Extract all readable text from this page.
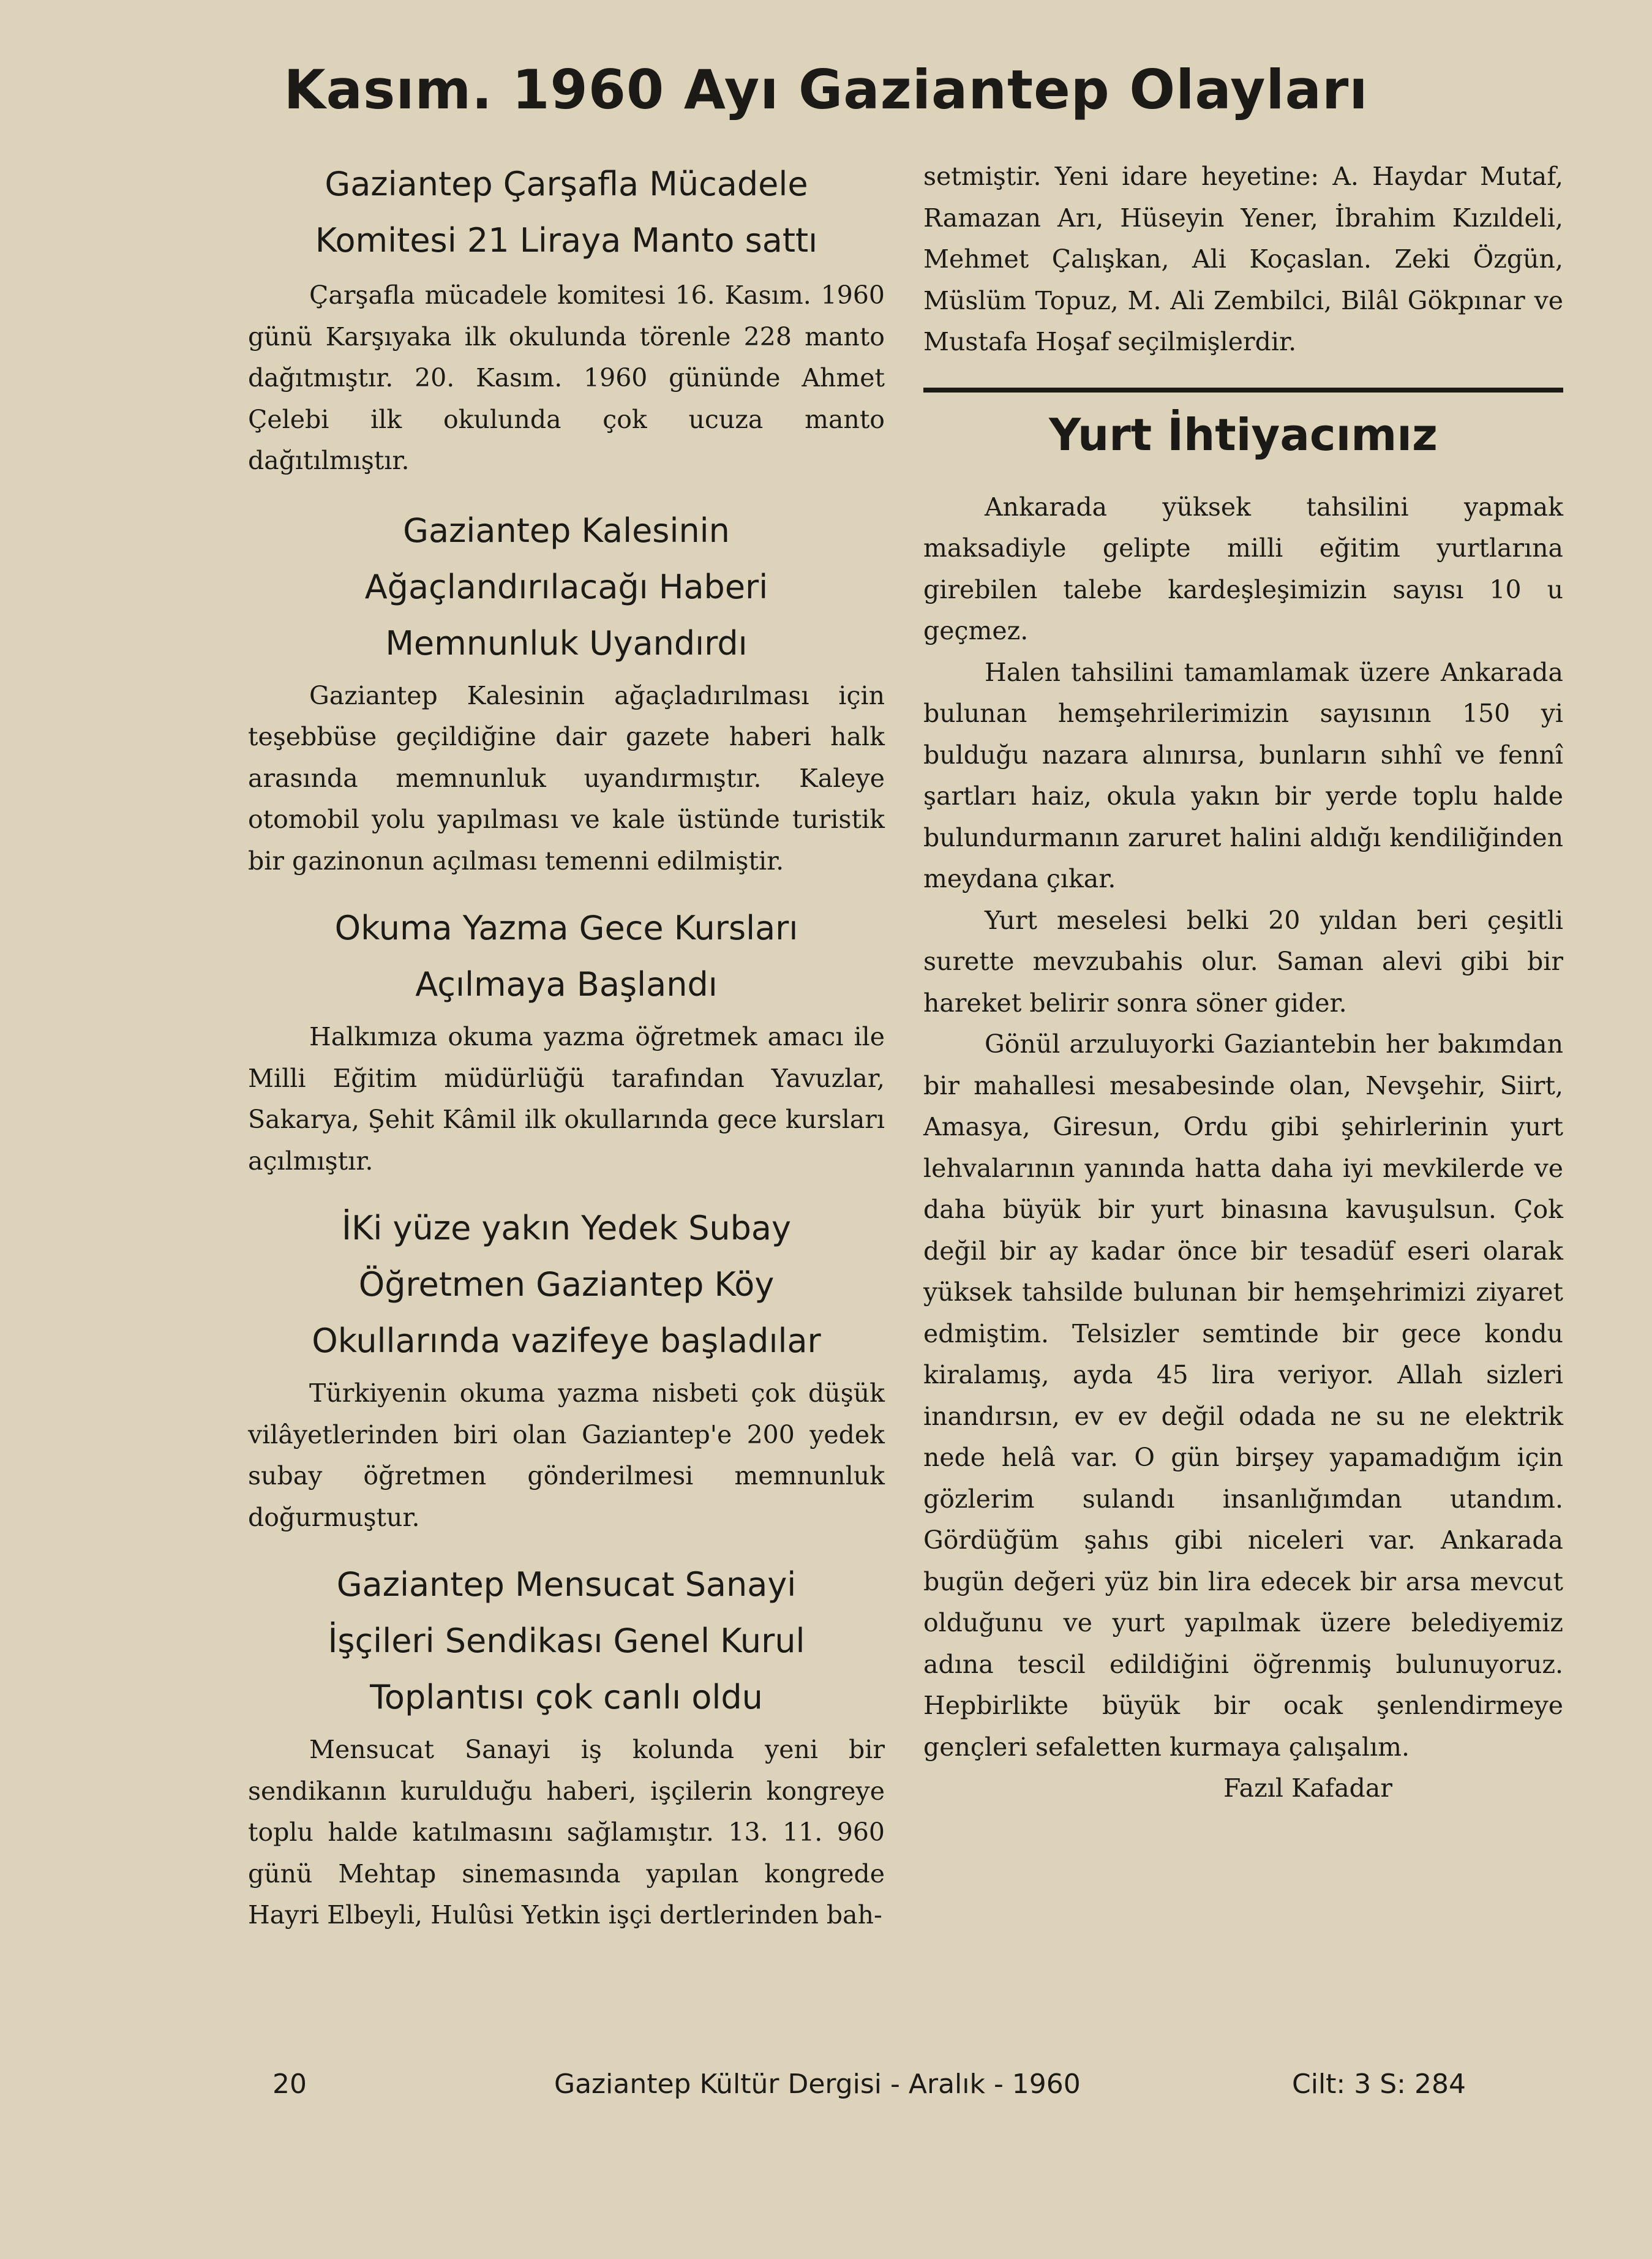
Kasım. 1960 Ayı Gaziantep Olayları

Gaziantep Çarşafla Mücadele

Komitesi 21 Liraya Manto sattı

Çarşafla mücadele komitesi 16. Kasım. 1960 günü Karşıyaka ilk okulunda törenle 228 manto dağıtmıştır. 20. Kasım. 1960 gününde Ahmet Çelebi ilk okulunda çok ucuza manto dağıtılmıştır.

Gaziantep Kalesinin

Ağaçlandırılacağı Haberi

Memnunluk Uyandırdı

Gaziantep Kalesinin ağaçladırılması için teşebbüse geçildiğine dair gazete haberi halk arasında memnunluk uyandırmıştır. Kaleye otomobil yolu yapılması ve kale üstünde turistik bir gazinonun açılması temenni edilmiştir.

Okuma Yazma Gece Kursları

Açılmaya Başlandı

Halkımıza okuma yazma öğretmek amacı ile Milli Eğitim müdürlüğü tarafından Yavuzlar, Sakarya, Şehit Kâmil ilk okullarında gece kursları açılmıştır.

İKi yüze yakın Yedek Subay

Öğretmen Gaziantep Köy

Okullarında vazifeye başladılar

Türkiyenin okuma yazma nisbeti çok düşük vilâyetlerinden biri olan Gaziantep'e 200 yedek subay öğretmen gönderilmesi memnunluk doğurmuştur.

Gaziantep Mensucat Sanayi

İşçileri Sendikası Genel Kurul

Toplantısı çok canlı oldu

Mensucat Sanayi iş kolunda yeni bir sendikanın kurulduğu haberi, işçilerin kongreye toplu halde katılmasını sağlamıştır. 13. 11. 960 günü Mehtap sinemasında yapılan kongrede Hayri Elbeyli, Hulûsi Yetkin işçi dertlerinden bah-

setmiştir. Yeni idare heyetine: A. Haydar Mutaf, Ramazan Arı, Hüseyin Yener, İbrahim Kızıldeli, Mehmet Çalışkan, Ali Koçaslan. Zeki Özgün, Müslüm Topuz, M. Ali Zembilci, Bilâl Gökpınar ve Mustafa Hoşaf seçilmişlerdir.

Yurt İhtiyacımız

Ankarada yüksek tahsilini yapmak maksadiyle gelipte milli eğitim yurtlarına girebilen talebe kardeşleşimizin sayısı 10 u geçmez.

Halen tahsilini tamamlamak üzere Ankarada bulunan hemşehrilerimizin sayısının 150 yi bulduğu nazara alınırsa, bunların sıhhî ve fennî şartları haiz, okula yakın bir yerde toplu halde bulundurmanın zaruret halini aldığı kendiliğinden meydana çıkar.

Yurt meselesi belki 20 yıldan beri çeşitli surette mevzubahis olur. Saman alevi gibi bir hareket belirir sonra söner gider.

Gönül arzuluyorki Gaziantebin her bakımdan bir mahallesi mesabesinde olan, Nevşehir, Siirt, Amasya, Giresun, Ordu gibi şehirlerinin yurt lehvalarının yanında hatta daha iyi mevkilerde ve daha büyük bir yurt binasına kavuşulsun. Çok değil bir ay kadar önce bir tesadüf eseri olarak yüksek tahsilde bulunan bir hemşehrimizi ziyaret edmiştim. Telsizler semtinde bir gece kondu kiralamış, ayda 45 lira veriyor. Allah sizleri inandırsın, ev ev değil odada ne su ne elektrik nede helâ var. O gün birşey yapamadığım için gözlerim sulandı insanlığımdan utandım. Gördüğüm şahıs gibi niceleri var. Ankarada bugün değeri yüz bin lira edecek bir arsa mevcut olduğunu ve yurt yapılmak üzere belediyemiz adına tescil edildiğini öğrenmiş bulunuyoruz. Hepbirlikte büyük bir ocak şenlendirmeye gençleri sefaletten kurmaya çalışalım.

Fazıl Kafadar
20	Gaziantep Kültür Dergisi - Aralık - 1960	Cilt: 3 S: 284
